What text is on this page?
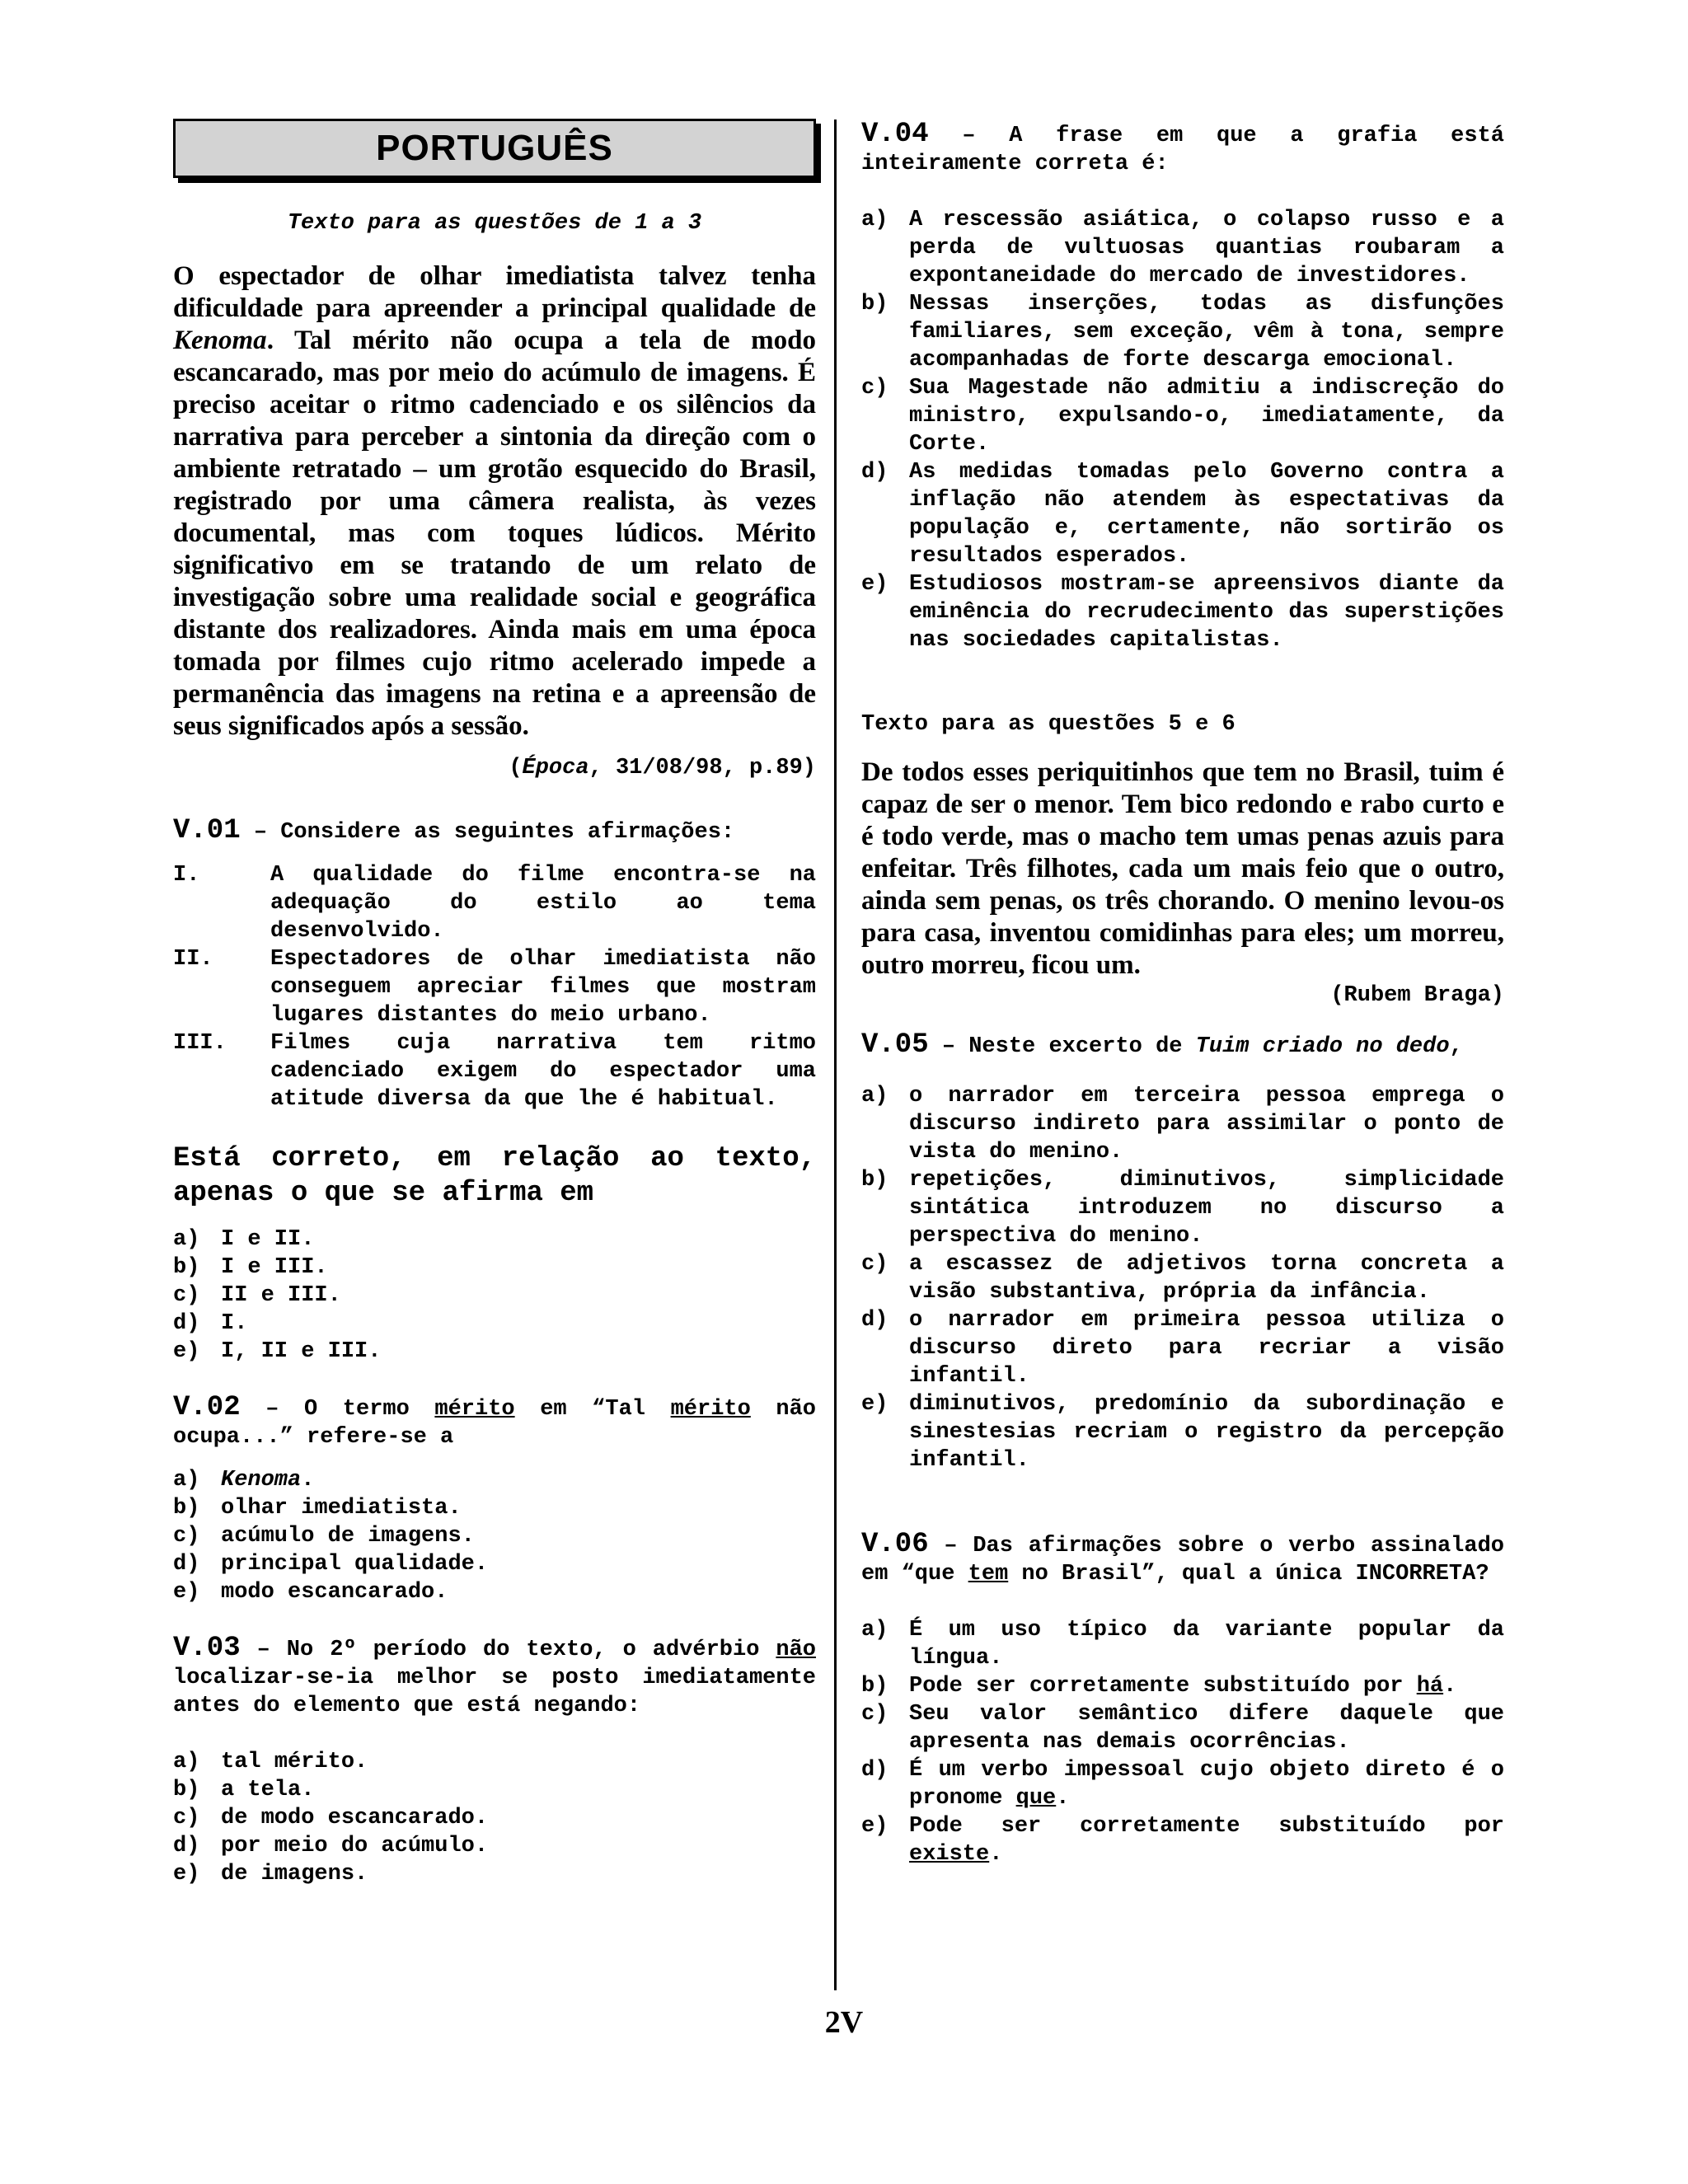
PORTUGUÊS
Texto para as questões de 1 a 3
O espectador de olhar imediatista talvez tenha dificuldade para apreender a principal qualidade de Kenoma. Tal mérito não ocupa a tela de modo escancarado, mas por meio do acúmulo de imagens. É preciso aceitar o ritmo cadenciado e os silêncios da narrativa para perceber a sintonia da direção com o ambiente retratado – um grotão esquecido do Brasil, registrado por uma câmera realista, às vezes documental, mas com toques lúdicos. Mérito significativo em se tratando de um relato de investigação sobre uma realidade social e geográfica distante dos realizadores. Ainda mais em uma época tomada por filmes cujo ritmo acelerado impede a permanência das imagens na retina e a apreensão de seus significados após a sessão.
(Época, 31/08/98, p.89)
V.01 – Considere as seguintes afirmações:
I.	A qualidade do filme encontra-se na adequação do estilo ao tema desenvolvido.
II.	Espectadores de olhar imediatista não conseguem apreciar filmes que mostram lugares distantes do meio urbano.
III.	Filmes cuja narrativa tem ritmo cadenciado exigem do espectador uma atitude diversa da que lhe é habitual.
Está correto, em relação ao texto, apenas o que se afirma em
a) I e II.
b) I e III.
c) II e III.
d) I.
e) I, II e III.
V.02 – O termo mérito em “Tal mérito não ocupa...” refere-se a
a) Kenoma.
b) olhar imediatista.
c) acúmulo de imagens.
d) principal qualidade.
e) modo escancarado.
V.03 – No 2º período do texto, o advérbio não localizar-se-ia melhor se posto imediatamente antes do elemento que está negando:
a) tal mérito.
b) a tela.
c) de modo escancarado.
d) por meio do acúmulo.
e) de imagens.
V.04 – A frase em que a grafia está inteiramente correta é:
a) A rescessão asiática, o colapso russo e a perda de vultuosas quantias roubaram a expontaneidade do mercado de investidores.
b) Nessas inserções, todas as disfunções familiares, sem exceção, vêm à tona, sempre acompanhadas de forte descarga emocional.
c) Sua Magestade não admitiu a indiscreção do ministro, expulsando-o, imediatamente, da Corte.
d) As medidas tomadas pelo Governo contra a inflação não atendem às espectativas da população e, certamente, não sortirão os resultados esperados.
e) Estudiosos mostram-se apreensivos diante da eminência do recrudecimento das superstições nas sociedades capitalistas.
Texto para as questões 5 e 6
De todos esses periquitinhos que tem no Brasil, tuim é capaz de ser o menor. Tem bico redondo e rabo curto e é todo verde, mas o macho tem umas penas azuis para enfeitar. Três filhotes, cada um mais feio que o outro, ainda sem penas, os três chorando. O menino levou-os para casa, inventou comidinhas para eles; um morreu, outro morreu, ficou um.
(Rubem Braga)
V.05 – Neste excerto de Tuim criado no dedo,
a) o narrador em terceira pessoa emprega o discurso indireto para assimilar o ponto de vista do menino.
b) repetições, diminutivos, simplicidade sintática introduzem no discurso a perspectiva do menino.
c) a escassez de adjetivos torna concreta a visão substantiva, própria da infância.
d) o narrador em primeira pessoa utiliza o discurso direto para recriar a visão infantil.
e) diminutivos, predomínio da subordinação e sinestesias recriam o registro da percepção infantil.
V.06 – Das afirmações sobre o verbo assinalado em “que tem no Brasil”, qual a única INCORRETA?
a) É um uso típico da variante popular da língua.
b) Pode ser corretamente substituído por há.
c) Seu valor semântico difere daquele que apresenta nas demais ocorrências.
d) É um verbo impessoal cujo objeto direto é o pronome que.
e) Pode ser corretamente substituído por existe.
2V
